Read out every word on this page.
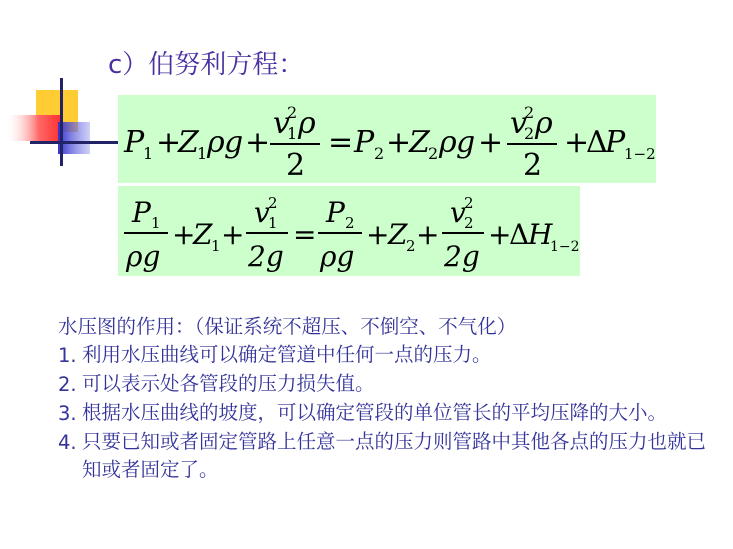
c）伯努利方程：
P
1 +
Z
1 ρ g +
v
2
1 ρ
2
= P 2 +
Z
2 ρ g +
v
2
2 ρ
2
+
Δ
P
1−2
P 1
ρg
+
Z
1 +
v
2
1
2g
=
P 2
ρg
+
Z
2 +
v
2
2
2g
+
Δ
H
1−2

水压图的作用：（保证系统不超压、不倒空、不气化）

1. 利用水压曲线可以确定管道中任何一点的压力。
2. 可以表示处各管段的压力损失值。
3. 根据水压曲线的坡度，可以确定管段的单位管长的平均压降的大小。
4. 只要已知或者固定管路上任意一点的压力则管路中其他各点的压力也就已知或者固定了。
